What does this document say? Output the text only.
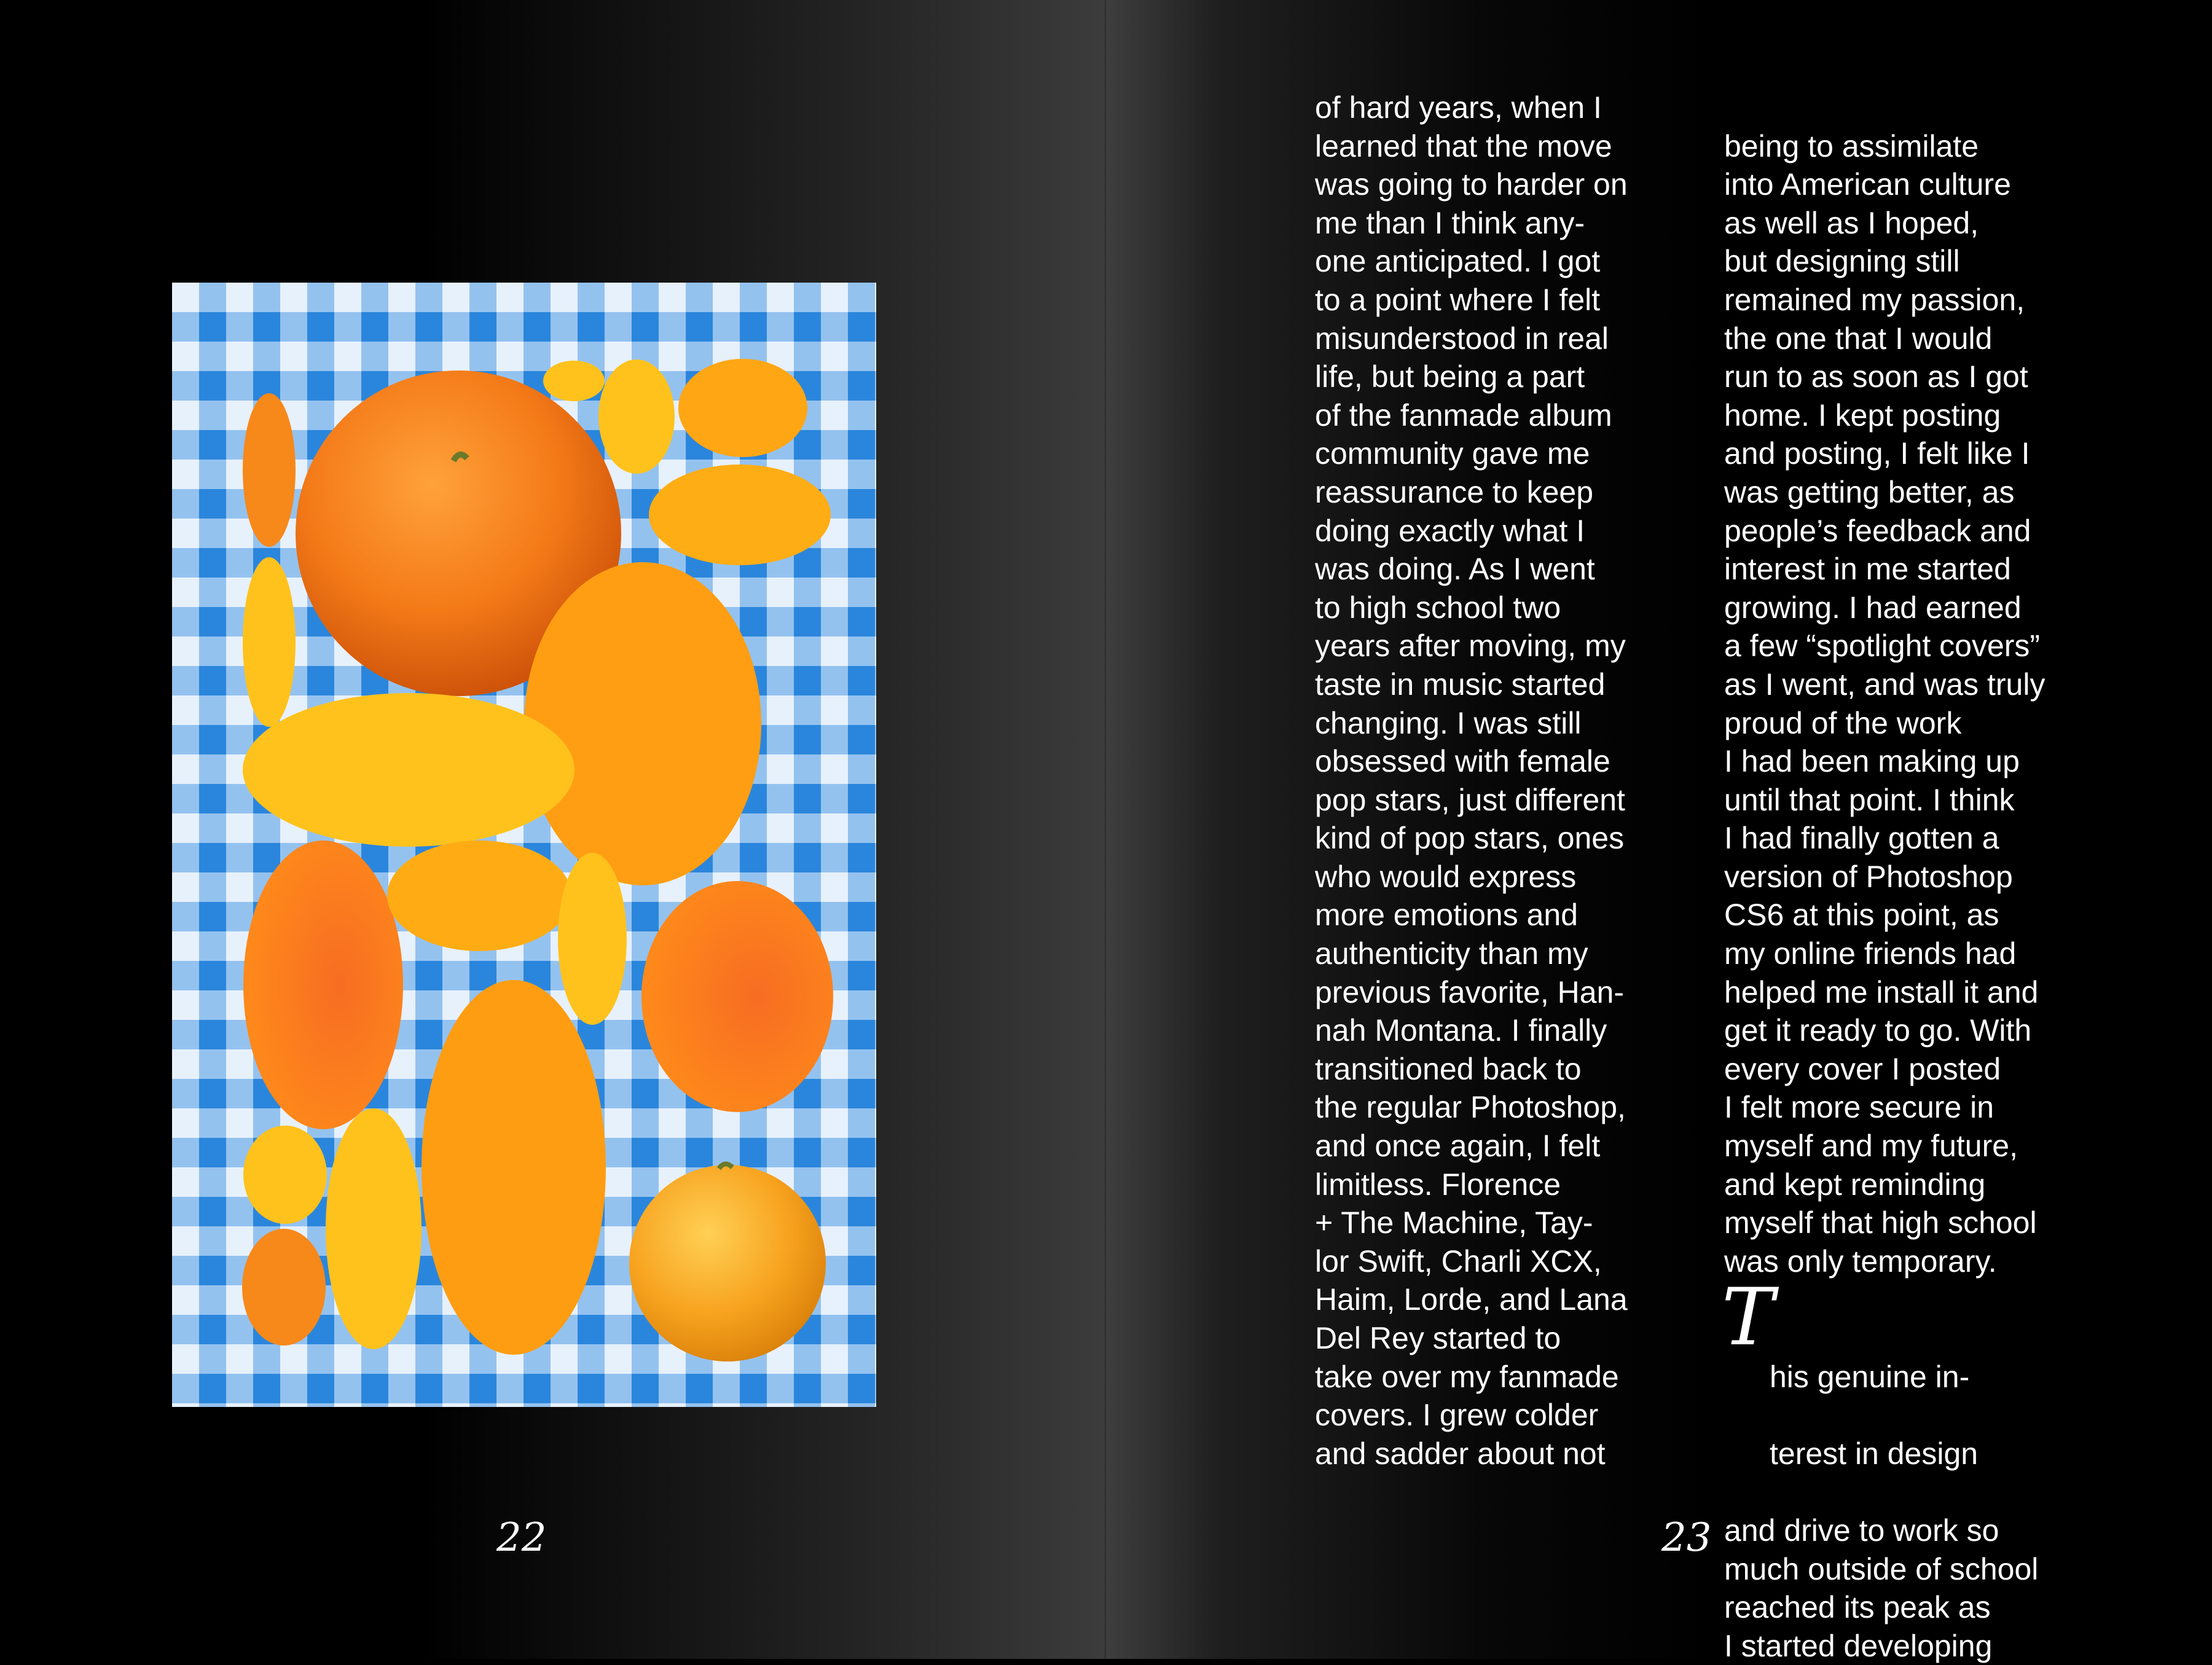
22

of hard years, when I
learned that the move
was going to harder on
me than I think any-
one anticipated. I got
to a point where I felt
misunderstood in real
life, but being a part
of the fanmade album
community gave me
reassurance to keep
doing exactly what I
was doing. As I went
to high school two
years after moving, my
taste in music started
changing. I was still
obsessed with female
pop stars, just different
kind of pop stars, ones
who would express
more emotions and
authenticity than my
previous favorite, Han-
nah Montana. I finally
transitioned back to
the regular Photoshop,
and once again, I felt
limitless. Florence
+ The Machine, Tay-
lor Swift, Charli XCX,
Haim, Lorde, and Lana
Del Rey started to
take over my fanmade
covers. I grew colder
and sadder about not

being to assimilate
into American culture
as well as I hoped,
but designing still
remained my passion,
the one that I would
run to as soon as I got
home. I kept posting
and posting, I felt like I
was getting better, as
people’s feedback and
interest in me started
growing. I had earned
a few “spotlight covers”
as I went, and was truly
proud of the work
I had been making up
until that point. I think
I had finally gotten a
version of Photoshop
CS6 at this point, as
my online friends had
helped me install it and
get it ready to go. With
every cover I posted
I felt more secure in
myself and my future,
and kept reminding
myself that high school
was only temporary.

T

his genuine in-

terest in design

and drive to work so
much outside of school
reached its peak as
I started developing

23
